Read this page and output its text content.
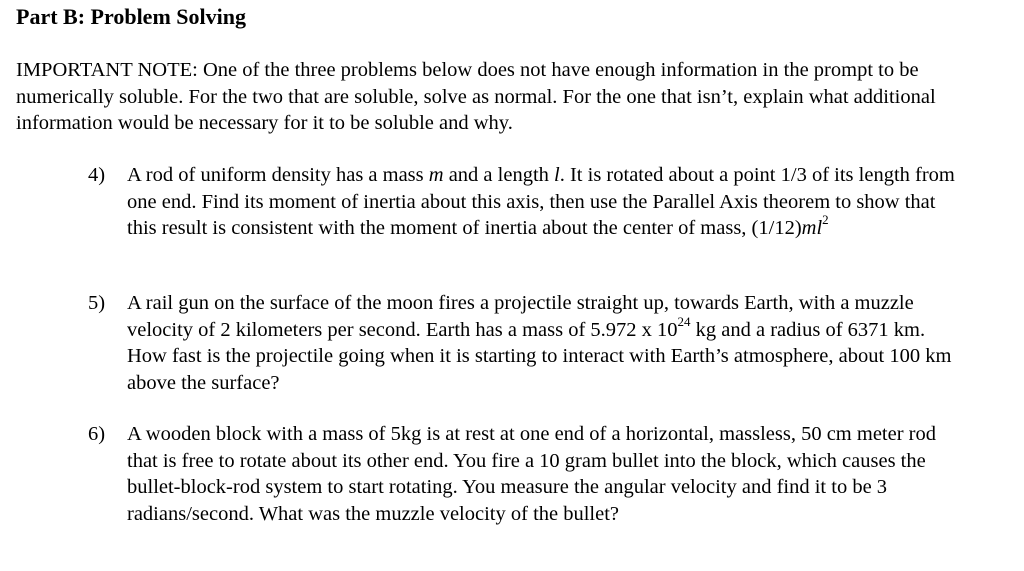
Part B: Problem Solving
IMPORTANT NOTE: One of the three problems below does not have enough information in the prompt to be numerically soluble. For the two that are soluble, solve as normal. For the one that isn’t, explain what additional information would be necessary for it to be soluble and why.
4)	A rod of uniform density has a mass m and a length l. It is rotated about a point 1/3 of its length from one end. Find its moment of inertia about this axis, then use the Parallel Axis theorem to show that this result is consistent with the moment of inertia about the center of mass, $(1/12)ml^2$
5)	A rail gun on the surface of the moon fires a projectile straight up, towards Earth, with a muzzle velocity of 2 kilometers per second. Earth has a mass of 5.972 x $10^{24}$ kg and a radius of 6371 km. How fast is the projectile going when it is starting to interact with Earth’s atmosphere, about 100 km above the surface?
6)	A wooden block with a mass of 5kg is at rest at one end of a horizontal, massless, 50 cm meter rod that is free to rotate about its other end. You fire a 10 gram bullet into the block, which causes the bullet-block-rod system to start rotating. You measure the angular velocity and find it to be 3 radians/second. What was the muzzle velocity of the bullet?
